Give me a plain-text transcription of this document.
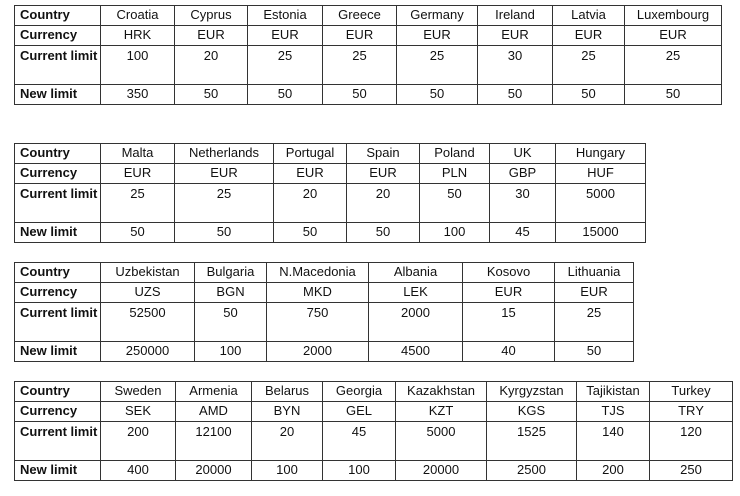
Country	Croatia	Cyprus	Estonia	Greece	Germany	Ireland	Latvia	Luxembourg
Currency	HRK	EUR	EUR	EUR	EUR	EUR	EUR	EUR
Current limit	100	20	25	25	25	30	25	25
New limit	350	50	50	50	50	50	50	50
Country	Malta	Netherlands	Portugal	Spain	Poland	UK	Hungary
Currency	EUR	EUR	EUR	EUR	PLN	GBP	HUF
Current limit	25	25	20	20	50	30	5000
New limit	50	50	50	50	100	45	15000
Country	Uzbekistan	Bulgaria	N.Macedonia	Albania	Kosovo	Lithuania
Currency	UZS	BGN	MKD	LEK	EUR	EUR
Current limit	52500	50	750	2000	15	25
New limit	250000	100	2000	4500	40	50
Country	Sweden	Armenia	Belarus	Georgia	Kazakhstan	Kyrgyzstan	Tajikistan	Turkey
Currency	SEK	AMD	BYN	GEL	KZT	KGS	TJS	TRY
Current limit	200	12100	20	45	5000	1525	140	120
New limit	400	20000	100	100	20000	2500	200	250
